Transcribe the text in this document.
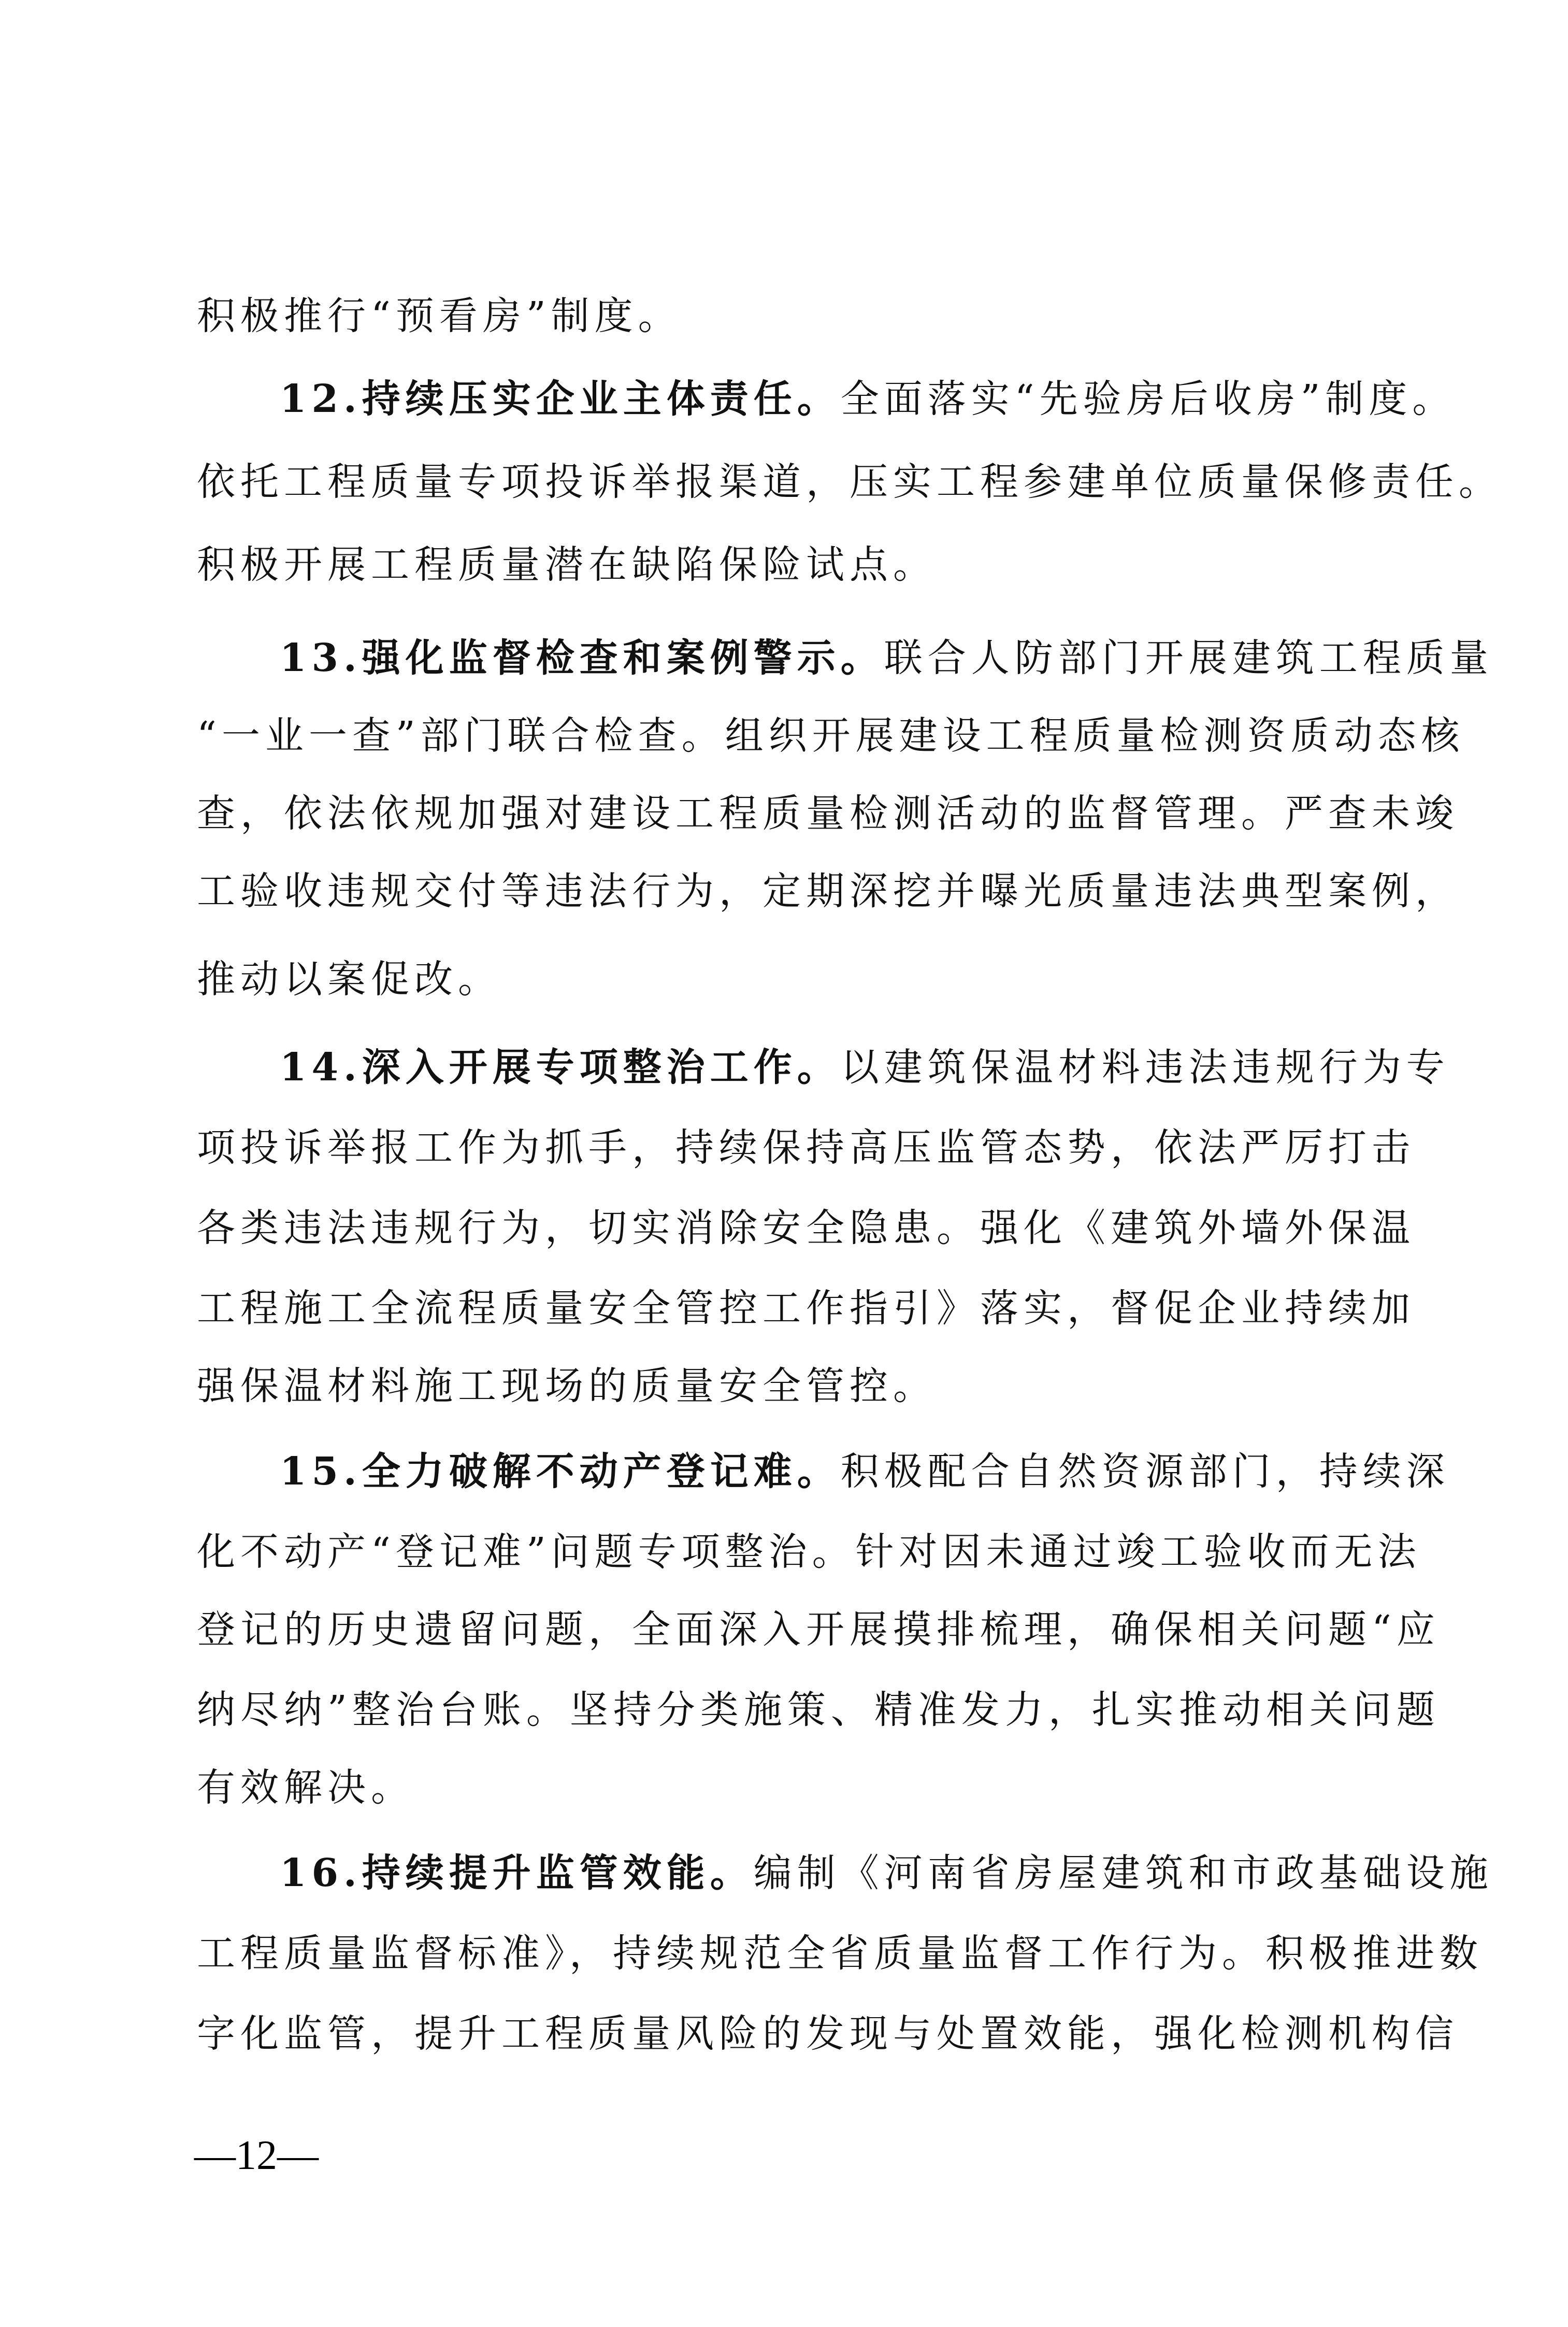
积极推行“预看房”制度。
12.持续压实企业主体责任。全面落实“先验房后收房”制度。
依托工程质量专项投诉举报渠道，压实工程参建单位质量保修责任。
积极开展工程质量潜在缺陷保险试点。
13.强化监督检查和案例警示。联合人防部门开展建筑工程质量
“一业一查”部门联合检查。组织开展建设工程质量检测资质动态核
查，依法依规加强对建设工程质量检测活动的监督管理。严查未竣
工验收违规交付等违法行为，定期深挖并曝光质量违法典型案例，
推动以案促改。
14.深入开展专项整治工作。以建筑保温材料违法违规行为专
项投诉举报工作为抓手，持续保持高压监管态势，依法严厉打击
各类违法违规行为，切实消除安全隐患。强化《建筑外墙外保温
工程施工全流程质量安全管控工作指引》落实，督促企业持续加
强保温材料施工现场的质量安全管控。
15.全力破解不动产登记难。积极配合自然资源部门，持续深
化不动产“登记难”问题专项整治。针对因未通过竣工验收而无法
登记的历史遗留问题，全面深入开展摸排梳理，确保相关问题“应
纳尽纳”整治台账。坚持分类施策、精准发力，扎实推动相关问题
有效解决。
16.持续提升监管效能。编制《河南省房屋建筑和市政基础设施
工程质量监督标准》，持续规范全省质量监督工作行为。积极推进数
字化监管，提升工程质量风险的发现与处置效能，强化检测机构信
—12—
